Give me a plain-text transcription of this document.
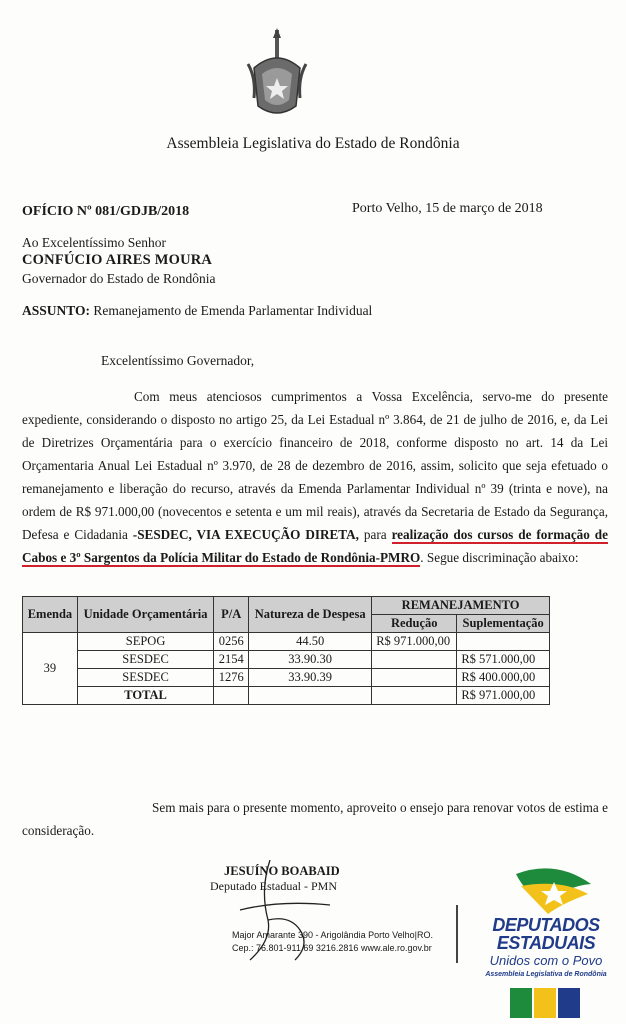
Assembleia Legislativa do Estado de Rondônia
OFÍCIO Nº 081/GDJB/2018	Porto Velho, 15 de março de 2018
Ao Excelentíssimo Senhor
CONFÚCIO AIRES MOURA
Governador do Estado de Rondônia
ASSUNTO: Remanejamento de Emenda Parlamentar Individual
Excelentíssimo Governador,
Com meus atenciosos cumprimentos a Vossa Excelência, servo-me do presente expediente, considerando o disposto no artigo 25, da Lei Estadual nº 3.864, de 21 de julho de 2016, e, da Lei de Diretrizes Orçamentária para o exercício financeiro de 2018, conforme disposto no art. 14 da Lei Orçamentaria Anual Lei Estadual nº 3.970, de 28 de dezembro de 2016, assim, solicito que seja efetuado o remanejamento e liberação do recurso, através da Emenda Parlamentar Individual nº 39 (trinta e nove), na ordem de R$ 971.000,00 (novecentos e setenta e um mil reais), através da Secretaria de Estado da Segurança, Defesa e Cidadania -SESDEC, VIA EXECUÇÃO DIRETA, para realização dos cursos de formação de Cabos e 3º Sargentos da Polícia Militar do Estado de Rondônia-PMRO. Segue discriminação abaixo:
Emenda	Unidade Orçamentária	P/A	Natureza de Despesa	REMANEJAMENTO	
				Redução	Suplementação
39	SEPOG	0256	44.50	R$ 971.000,00	
	SESDEC	2154	33.90.30		R$ 571.000,00
	SESDEC	1276	33.90.39		R$ 400.000,00
	TOTAL				R$ 971.000,00
Sem mais para o presente momento, aproveito o ensejo para renovar votos de estima e consideração.
JESUÍNO BOABAID
Deputado Estadual - PMN
Major Amarante 390 - Arigolândia Porto Velho|RO.
Cep.: 76.801-911 69 3216.2816 www.ale.ro.gov.br
DEPUTADOS
ESTADUAIS
Unidos com o Povo
Assembleia Legislativa de Rondônia
